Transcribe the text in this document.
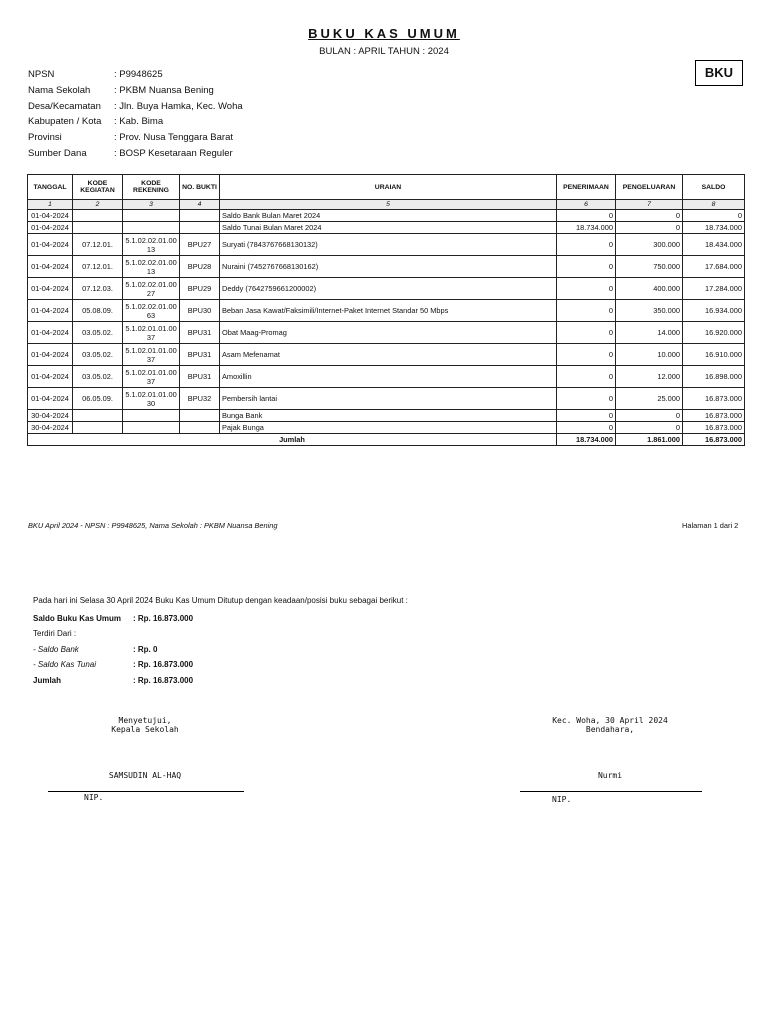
BUKU KAS UMUM
BULAN : APRIL TAHUN : 2024
BKU
NPSN	: P9948625
Nama Sekolah	: PKBM Nuansa Bening
Desa/Kecamatan	: Jln. Buya Hamka, Kec. Woha
Kabupaten / Kota	: Kab. Bima
Provinsi	: Prov. Nusa Tenggara Barat
Sumber Dana	: BOSP Kesetaraan Reguler
TANGGAL	KODE KEGIATAN	KODE REKENING	NO. BUKTI	URAIAN	PENERIMAAN	PENGELUARAN	SALDO
1	2	3	4	5	6	7	8
01-04-2024				Saldo Bank Bulan Maret 2024	0	0	0
01-04-2024				Saldo Tunai Bulan Maret 2024	18.734.000	0	18.734.000
01-04-2024	07.12.01.	5.1.02.02.01.00 13	BPU27	Suryati (7843767668130132)	0	300.000	18.434.000
01-04-2024	07.12.01.	5.1.02.02.01.00 13	BPU28	Nuraini (7452767668130162)	0	750.000	17.684.000
01-04-2024	07.12.03.	5.1.02.02.01.00 27	BPU29	Deddy (7642759661200002)	0	400.000	17.284.000
01-04-2024	05.08.09.	5.1.02.02.01.00 63	BPU30	Beban Jasa Kawat/Faksimili/Internet-Paket Internet Standar 50 Mbps	0	350.000	16.934.000
01-04-2024	03.05.02.	5.1.02.01.01.00 37	BPU31	Obat Maag-Promag	0	14.000	16.920.000
01-04-2024	03.05.02.	5.1.02.01.01.00 37	BPU31	Asam Mefenamat	0	10.000	16.910.000
01-04-2024	03.05.02.	5.1.02.01.01.00 37	BPU31	Amoxillin	0	12.000	16.898.000
01-04-2024	06.05.09.	5.1.02.01.01.00 30	BPU32	Pembersih lantai	0	25.000	16.873.000
30-04-2024				Bunga Bank	0	0	16.873.000
30-04-2024				Pajak Bunga	0	0	16.873.000
Jumlah					18.734.000	1.861.000	16.873.000
BKU April 2024 - NPSN : P9948625, Nama Sekolah : PKBM Nuansa Bening	Halaman 1 dari 2
Pada hari ini Selasa 30 April 2024 Buku Kas Umum Ditutup dengan keadaan/posisi buku sebagai berikut :
Saldo Buku Kas Umum	: Rp. 16.873.000
Terdiri Dari :
- Saldo Bank	: Rp. 0
- Saldo Kas Tunai	: Rp. 16.873.000
Jumlah	: Rp. 16.873.000
Menyetujui,
Kepala Sekolah
SAMSUDIN AL-HAQ
NIP.
Kec. Woha, 30 April 2024
Bendahara,
Nurmi
NIP.
